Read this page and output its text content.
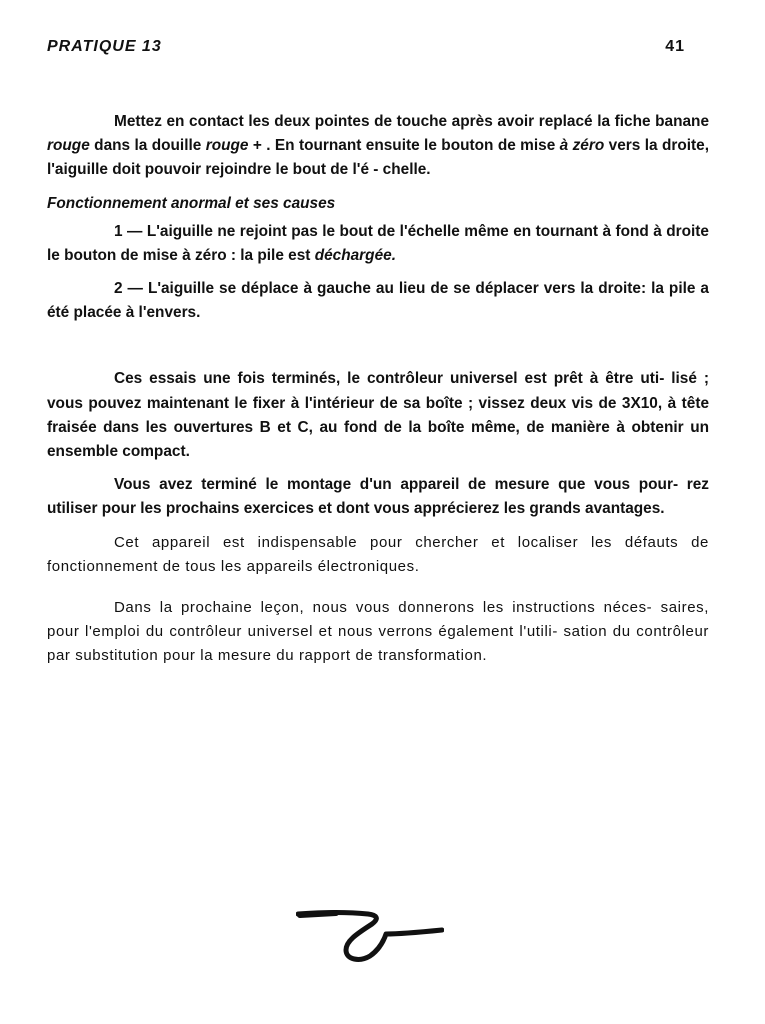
PRATIQUE 13	41

Mettez en contact les deux pointes de touche après avoir replacé la fiche banane rouge dans la douille rouge + . En tournant ensuite le bouton de mise à zéro vers la droite, l'aiguille doit pouvoir rejoindre le bout de l'é - chelle.

Fonctionnement anormal et ses causes

1 — L'aiguille ne rejoint pas le bout de l'échelle même en tournant à fond à droite le bouton de mise à zéro : la pile est déchargée.

2 — L'aiguille se déplace à gauche au lieu de se déplacer vers la droite: la pile a été placée à l'envers.

Ces essais une fois terminés, le contrôleur universel est prêt à être uti- lisé ; vous pouvez maintenant le fixer à l'intérieur de sa boîte ; vissez deux vis de 3X10, à tête fraisée dans les ouvertures B et C, au fond de la boîte même, de manière à obtenir un ensemble compact.

Vous avez terminé le montage d'un appareil de mesure que vous pour- rez utiliser pour les prochains exercices et dont vous apprécierez les grands avantages.

Cet appareil est indispensable pour chercher et localiser les défauts de fonctionnement de tous les appareils électroniques.

Dans la prochaine leçon, nous vous donnerons les instructions néces- saires, pour l'emploi du contrôleur universel et nous verrons également l'utili- sation du contrôleur par substitution pour la mesure du rapport de transformation.
